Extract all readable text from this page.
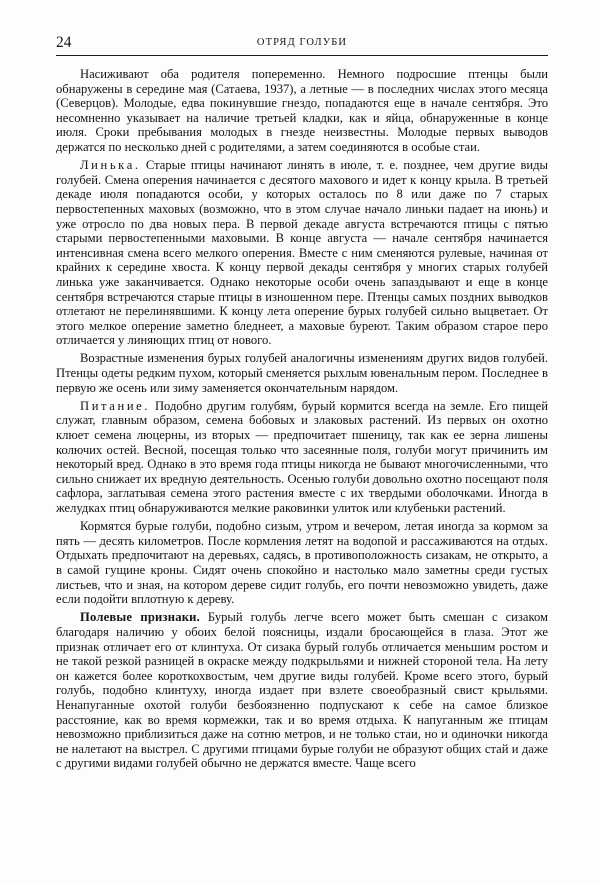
24	ОТРЯД ГОЛУБИ

Насиживают оба родителя попеременно. Немного подросшие птенцы были обнаружены в середине мая (Сатаева, 1937), а летные — в последних числах этого месяца (Северцов). Молодые, едва покинувшие гнездо, попадаются еще в начале сентября. Это несомненно указывает на наличие третьей кладки, как и яйца, обнаруженные в конце июля. Сроки пребывания молодых в гнезде неизвестны. Молодые первых выводов держатся по несколько дней с родителями, а затем соединяются в особые стаи.

Линька. Старые птицы начинают линять в июле, т. е. позднее, чем другие виды голубей. Смена оперения начинается с десятого махового и идет к концу крыла. В третьей декаде июля попадаются особи, у которых осталось по 8 или даже по 7 старых первостепенных маховых (возможно, что в этом случае начало линьки падает на июнь) и уже отросло по два новых пера. В первой декаде августа встречаются птицы с пятью старыми первостепенными маховыми. В конце августа — начале сентября начинается интенсивная смена всего мелкого оперения. Вместе с ним сменяются рулевые, начиная от крайних к середине хвоста. К концу первой декады сентября у многих старых голубей линька уже заканчивается. Однако некоторые особи очень запаздывают и еще в конце сентября встречаются старые птицы в изношенном пере. Птенцы самых поздних выводков отлетают не перелинявшими. К концу лета оперение бурых голубей сильно выцветает. От этого мелкое оперение заметно бледнеет, а маховые буреют. Таким образом старое перо отличается у линяющих птиц от нового.

Возрастные изменения бурых голубей аналогичны изменениям других видов голубей. Птенцы одеты редким пухом, который сменяется рыхлым ювенальным пером. Последнее в первую же осень или зиму заменяется окончательным нарядом.

Питание. Подобно другим голубям, бурый кормится всегда на земле. Его пищей служат, главным образом, семена бобовых и злаковых растений. Из первых он охотно клюет семена люцерны, из вторых — предпочитает пшеницу, так как ее зерна лишены колючих остей. Весной, посещая только что засеянные поля, голуби могут причинить им некоторый вред. Однако в это время года птицы никогда не бывают многочисленными, что сильно снижает их вредную деятельность. Осенью голуби довольно охотно посещают поля сафлора, заглатывая семена этого растения вместе с их твердыми оболочками. Иногда в желудках птиц обнаруживаются мелкие раковинки улиток или клубеньки растений.

Кормятся бурые голуби, подобно сизым, утром и вечером, летая иногда за кормом за пять — десять километров. После кормления летят на водопой и рассаживаются на отдых. Отдыхать предпочитают на деревьях, садясь, в противоположность сизакам, не открыто, а в самой гущине кроны. Сидят очень спокойно и настолько мало заметны среди густых листьев, что и зная, на котором дереве сидит голубь, его почти невозможно увидеть, даже если подойти вплотную к дереву.

Полевые признаки. Бурый голубь легче всего может быть смешан с сизаком благодаря наличию у обоих белой поясницы, издали бросающейся в глаза. Этот же признак отличает его от клинтуха. От сизака бурый голубь отличается меньшим ростом и не такой резкой разницей в окраске между подкрыльями и нижней стороной тела. На лету он кажется более короткохвостым, чем другие виды голубей. Кроме всего этого, бурый голубь, подобно клинтуху, иногда издает при взлете своеобразный свист крыльями. Ненапуганные охотой голуби безбоязненно подпускают к себе на самое близкое расстояние, как во время кормежки, так и во время отдыха. К напуганным же птицам невозможно приблизиться даже на сотню метров, и не только стаи, но и одиночки никогда не налетают на выстрел. С другими птицами бурые голуби не образуют общих стай и даже с другими видами голубей обычно не держатся вместе. Чаще всего
